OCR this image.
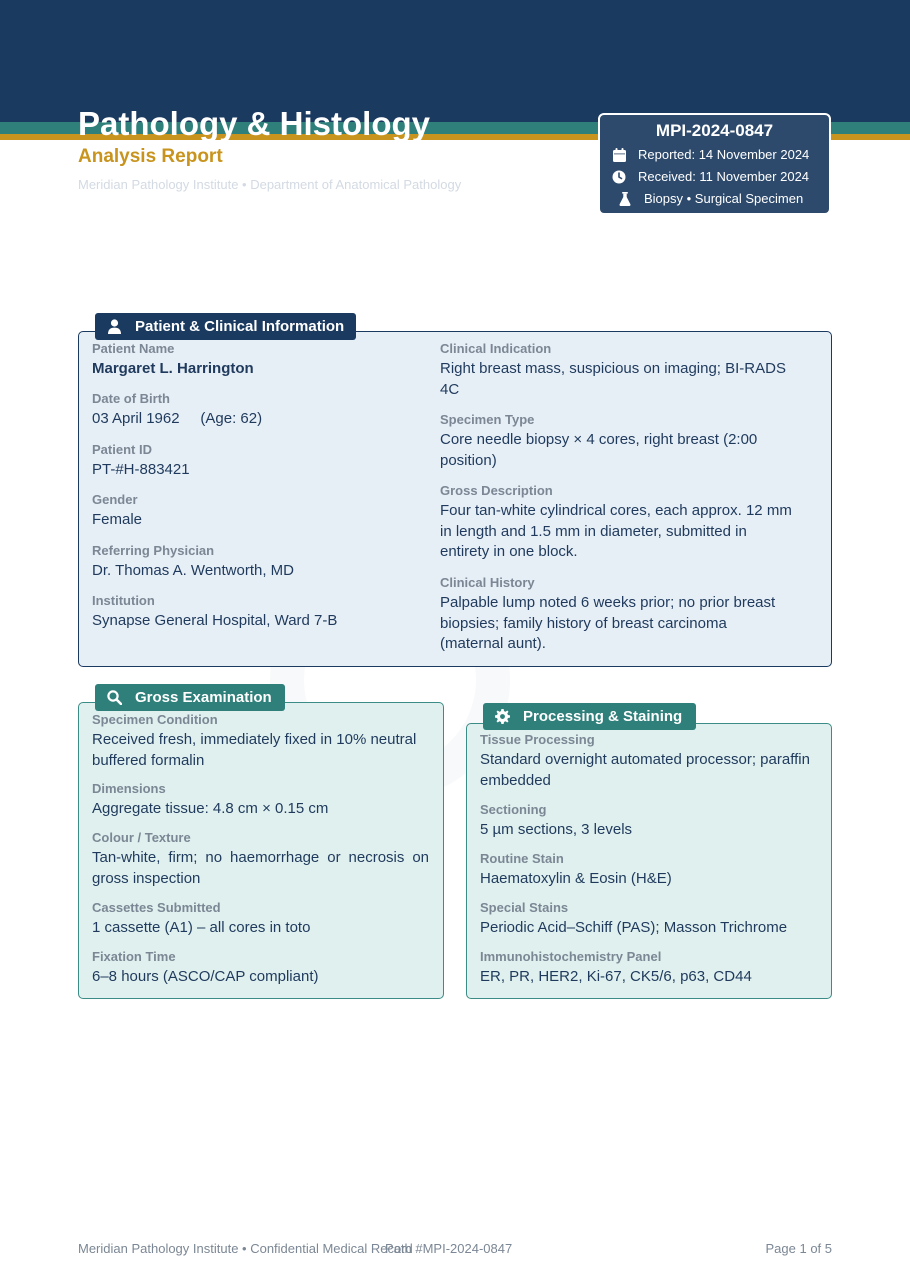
Pathology & Histology
Analysis Report
Meridian Pathology Institute • Department of Anatomical Pathology
MPI-2024-0847
Reported: 14 November 2024
Received: 11 November 2024
Biopsy • Surgical Specimen
Patient & Clinical Information
Patient Name
Margaret L. Harrington
Date of Birth
03 April 1962     (Age: 62)
Patient ID
PT-#H-883421
Gender
Female
Referring Physician
Dr. Thomas A. Wentworth, MD
Institution
Synapse General Hospital, Ward 7-B
Clinical Indication
Right breast mass, suspicious on imaging; BI-RADS 4C
Specimen Type
Core needle biopsy × 4 cores, right breast (2:00 position)
Gross Description
Four tan-white cylindrical cores, each approx. 12 mm in length and 1.5 mm in diameter, submitted in entirety in one block.
Clinical History
Palpable lump noted 6 weeks prior; no prior breast biopsies; family history of breast carcinoma (maternal aunt).
Gross Examination
Specimen Condition
Received fresh, immediately fixed in 10% neutral buffered formalin
Dimensions
Aggregate tissue: 4.8 cm × 0.15 cm
Colour / Texture
Tan-white, firm; no haemorrhage or necrosis on gross inspection
Cassettes Submitted
1 cassette (A1) – all cores in toto
Fixation Time
6–8 hours (ASCO/CAP compliant)
Processing & Staining
Tissue Processing
Standard overnight automated processor; paraffin embedded
Sectioning
5 µm sections, 3 levels
Routine Stain
Haematoxylin & Eosin (H&E)
Special Stains
Periodic Acid–Schiff (PAS); Masson Trichrome
Immunohistochemistry Panel
ER, PR, HER2, Ki-67, CK5/6, p63, CD44
Meridian Pathology Institute • Confidential Medical Record
Path #MPI-2024-0847	Page 1 of 5
